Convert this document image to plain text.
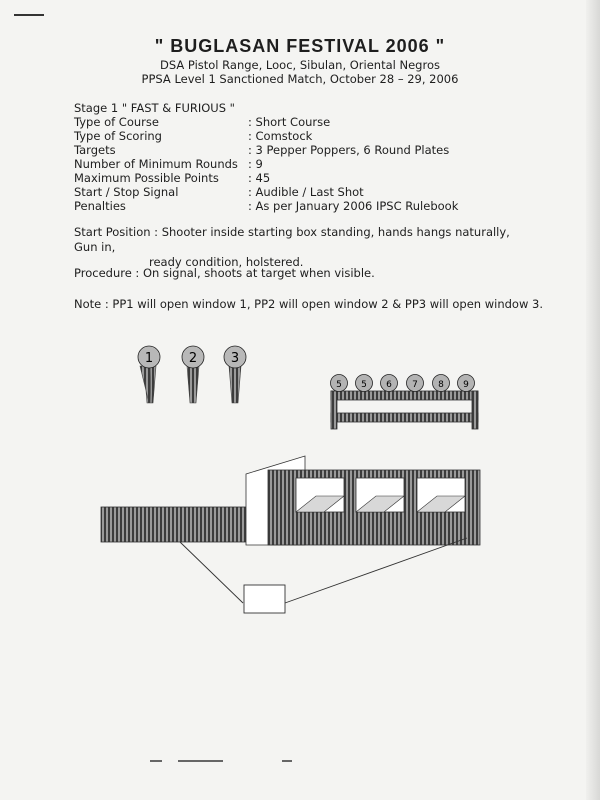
" BUGLASAN FESTIVAL 2006 "
DSA Pistol Range, Looc, Sibulan, Oriental Negros
PPSA Level 1 Sanctioned Match, October 28 – 29, 2006
Stage 1 " FAST & FURIOUS "
Type of Course	: Short Course
Type of Scoring	: Comstock
Targets	: 3 Pepper Poppers, 6 Round Plates
Number of Minimum Rounds : 9
Maximum Possible Points	: 45
Start / Stop Signal	: Audible / Last Shot
Penalties	: As per January 2006 IPSC Rulebook
Start Position : Shooter inside starting box standing, hands hangs naturally, Gun in,
ready condition, holstered.
Procedure : On signal, shoots at target when visible.
Note : PP1 will open window 1, PP2 will open window 2 & PP3 will open window 3.
1	2	3
5 5 6 7 8 9
